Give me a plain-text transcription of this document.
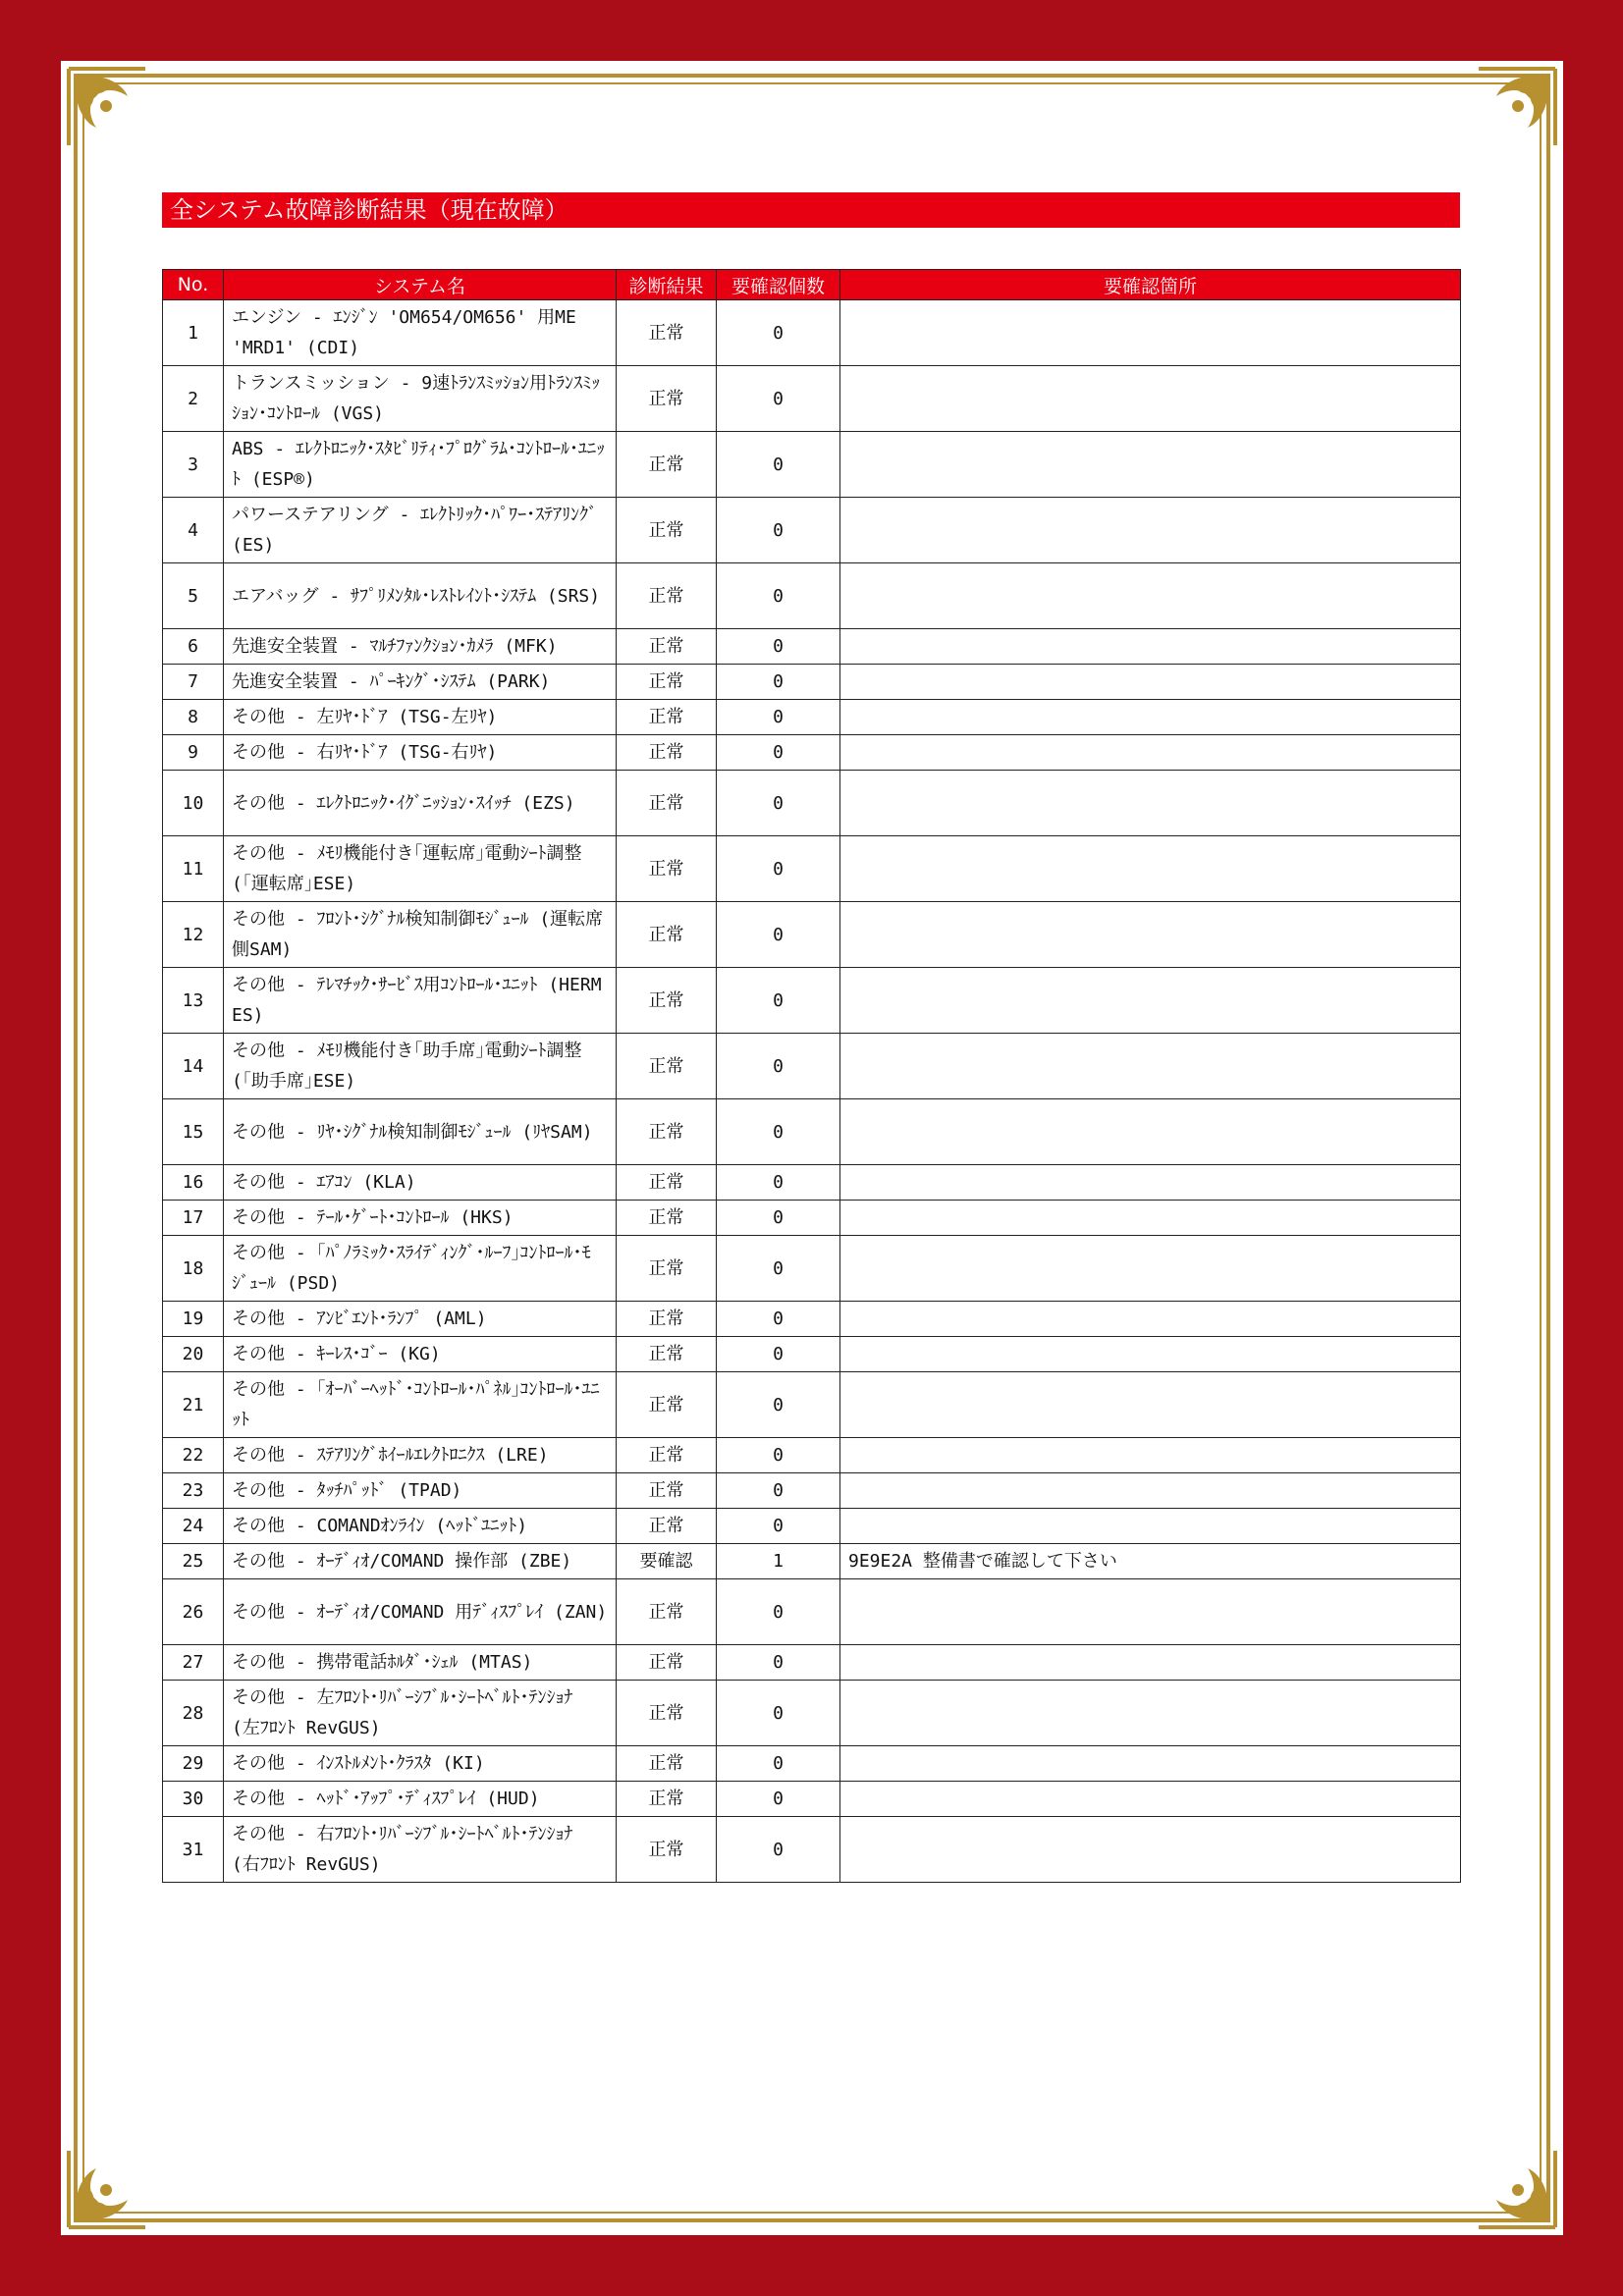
全システム故障診断結果（現在故障）
No.	システム名	診断結果	要確認個数	要確認箇所
1	エンジン - ｴﾝｼﾞﾝ 'OM654/OM656' 用ME 'MRD1' (CDI)	正常	0	
2	トランスミッション - 9速ﾄﾗﾝｽﾐｯｼｮﾝ用ﾄﾗﾝｽﾐｯｼｮﾝ･ｺﾝﾄﾛｰﾙ (VGS)	正常	0	
3	ABS - ｴﾚｸﾄﾛﾆｯｸ･ｽﾀﾋﾞﾘﾃｨ･ﾌﾟﾛｸﾞﾗﾑ･ｺﾝﾄﾛｰﾙ･ﾕﾆｯﾄ (ESP®)	正常	0	
4	パワーステアリング - ｴﾚｸﾄﾘｯｸ･ﾊﾟﾜｰ･ｽﾃｱﾘﾝｸﾞ (ES)	正常	0	
5	エアバッグ - ｻﾌﾟﾘﾒﾝﾀﾙ･ﾚｽﾄﾚｲﾝﾄ･ｼｽﾃﾑ (SRS)	正常	0	
6	先進安全装置 - ﾏﾙﾁﾌｧﾝｸｼｮﾝ･ｶﾒﾗ (MFK)	正常	0	
7	先進安全装置 - ﾊﾟｰｷﾝｸﾞ･ｼｽﾃﾑ (PARK)	正常	0	
8	その他 - 左ﾘﾔ･ﾄﾞｱ (TSG-左ﾘﾔ)	正常	0	
9	その他 - 右ﾘﾔ･ﾄﾞｱ (TSG-右ﾘﾔ)	正常	0	
10	その他 - ｴﾚｸﾄﾛﾆｯｸ･ｲｸﾞﾆｯｼｮﾝ･ｽｲｯﾁ (EZS)	正常	0	
11	その他 - ﾒﾓﾘ機能付き｢運転席｣電動ｼｰﾄ調整 (｢運転席｣ESE)	正常	0	
12	その他 - ﾌﾛﾝﾄ･ｼｸﾞﾅﾙ検知制御ﾓｼﾞｭｰﾙ (運転席側SAM)	正常	0	
13	その他 - ﾃﾚﾏﾁｯｸ･ｻｰﾋﾞｽ用ｺﾝﾄﾛｰﾙ･ﾕﾆｯﾄ (HERMES)	正常	0	
14	その他 - ﾒﾓﾘ機能付き｢助手席｣電動ｼｰﾄ調整 (｢助手席｣ESE)	正常	0	
15	その他 - ﾘﾔ･ｼｸﾞﾅﾙ検知制御ﾓｼﾞｭｰﾙ (ﾘﾔSAM)	正常	0	
16	その他 - ｴｱｺﾝ (KLA)	正常	0	
17	その他 - ﾃｰﾙ･ｹﾞｰﾄ･ｺﾝﾄﾛｰﾙ (HKS)	正常	0	
18	その他 - ｢ﾊﾟﾉﾗﾐｯｸ･ｽﾗｲﾃﾞｨﾝｸﾞ･ﾙｰﾌ｣ｺﾝﾄﾛｰﾙ･ﾓｼﾞｭｰﾙ (PSD)	正常	0	
19	その他 - ｱﾝﾋﾞｴﾝﾄ･ﾗﾝﾌﾟ (AML)	正常	0	
20	その他 - ｷｰﾚｽ･ｺﾞｰ (KG)	正常	0	
21	その他 - ｢ｵｰﾊﾞｰﾍｯﾄﾞ･ｺﾝﾄﾛｰﾙ･ﾊﾟﾈﾙ｣ｺﾝﾄﾛｰﾙ･ﾕﾆｯﾄ	正常	0	
22	その他 - ｽﾃｱﾘﾝｸﾞﾎｲｰﾙｴﾚｸﾄﾛﾆｸｽ (LRE)	正常	0	
23	その他 - ﾀｯﾁﾊﾟｯﾄﾞ (TPAD)	正常	0	
24	その他 - COMANDｵﾝﾗｲﾝ (ﾍｯﾄﾞﾕﾆｯﾄ)	正常	0	
25	その他 - ｵｰﾃﾞｨｵ/COMAND 操作部 (ZBE)	要確認	1	9E9E2A 整備書で確認して下さい
26	その他 - ｵｰﾃﾞｨｵ/COMAND 用ﾃﾞｨｽﾌﾟﾚｲ (ZAN)	正常	0	
27	その他 - 携帯電話ﾎﾙﾀﾞ･ｼｪﾙ (MTAS)	正常	0	
28	その他 - 左ﾌﾛﾝﾄ･ﾘﾊﾞｰｼﾌﾞﾙ･ｼｰﾄﾍﾞﾙﾄ･ﾃﾝｼｮﾅ (左ﾌﾛﾝﾄ RevGUS)	正常	0	
29	その他 - ｲﾝｽﾄﾙﾒﾝﾄ･ｸﾗｽﾀ (KI)	正常	0	
30	その他 - ﾍｯﾄﾞ･ｱｯﾌﾟ･ﾃﾞｨｽﾌﾟﾚｲ (HUD)	正常	0	
31	その他 - 右ﾌﾛﾝﾄ･ﾘﾊﾞｰｼﾌﾞﾙ･ｼｰﾄﾍﾞﾙﾄ･ﾃﾝｼｮﾅ (右ﾌﾛﾝﾄ RevGUS)	正常	0	
